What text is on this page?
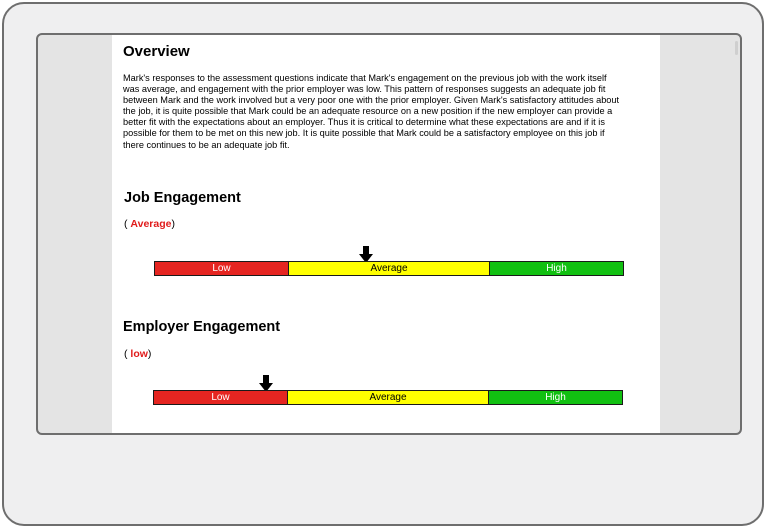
Overview

Mark's responses to the assessment questions indicate that Mark's engagement on the previous job with the work itself
was average, and engagement with the prior employer was low. This pattern of responses suggests an adequate job fit
between Mark and the work involved but a very poor one with the prior employer. Given Mark's satisfactory attitudes about
the job, it is quite possible that Mark could be an adequate resource on a new position if the new employer can provide a
better fit with the expectations about an employer. Thus it is critical to determine what these expectations are and if it is
possible for them to be met on this new job. It is quite possible that Mark could be a satisfactory employee on this job if
there continues to be an adequate job fit.

Job Engagement
( Average)
Low	Average	High
Employer Engagement
( low)
Low	Average	High
